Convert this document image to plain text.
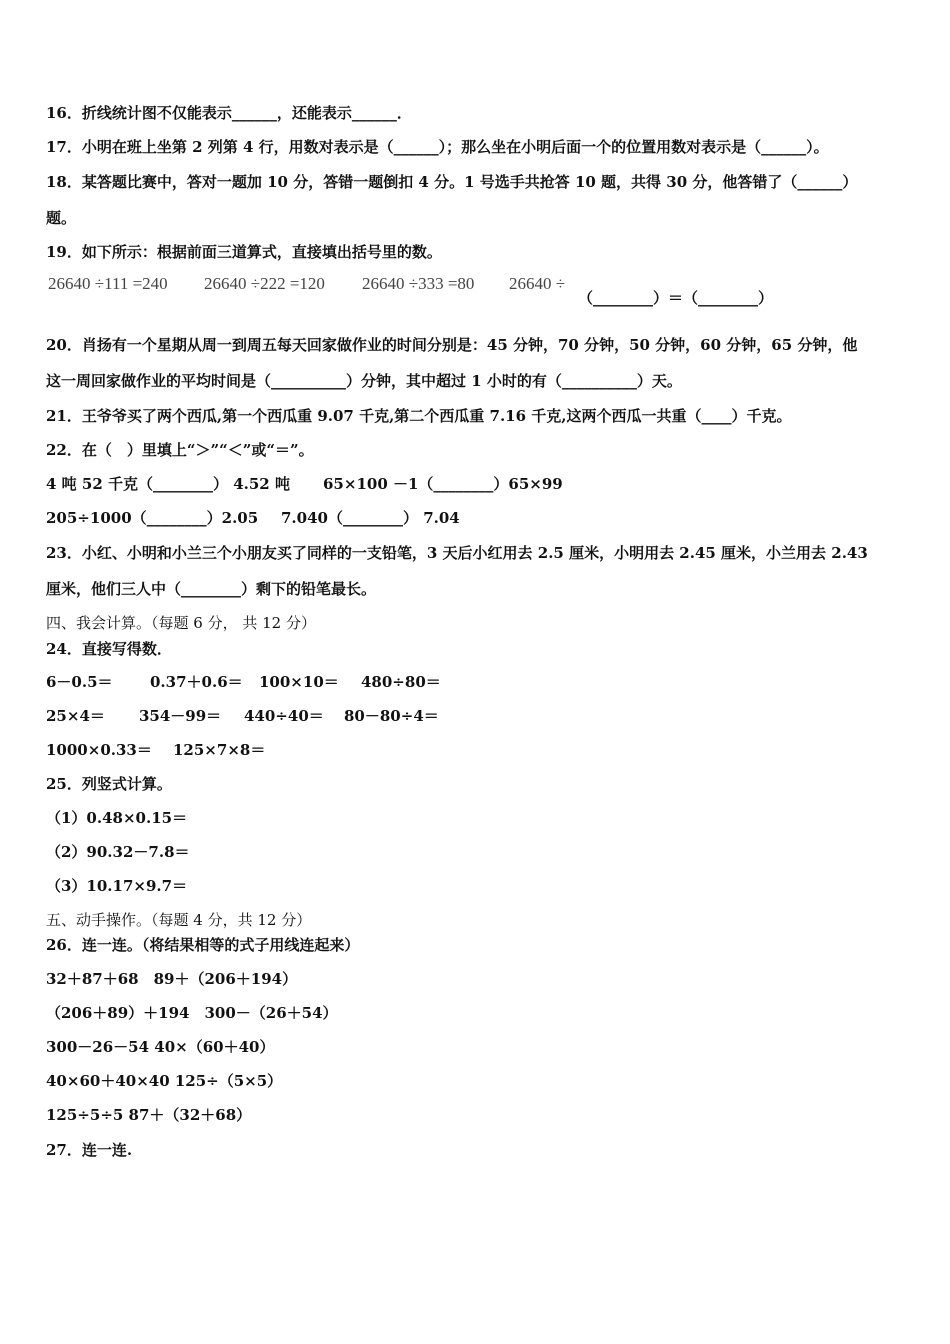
16．折线统计图不仅能表示______，还能表示______．
17．小明在班上坐第 2 列第 4 行，用数对表示是（______）；那么坐在小明后面一个的位置用数对表示是（______）。
18．某答题比赛中，答对一题加 10 分，答错一题倒扣 4 分。1 号选手共抢答 10 题，共得 30 分，他答错了（______）
题。
19．如下所示：根据前面三道算式，直接填出括号里的数。
26640 ÷111 =240 26640 ÷222 =120 26640 ÷333 =80 26640 ÷
（________）＝（________）
20．肖扬有一个星期从周一到周五每天回家做作业的时间分别是：45 分钟，70 分钟，50 分钟，60 分钟，65 分钟，他
这一周回家做作业的平均时间是（__________）分钟，其中超过 1 小时的有（__________）天。
21．王爷爷买了两个西瓜,第一个西瓜重 9.07 千克,第二个西瓜重 7.16 千克,这两个西瓜一共重（____）千克。
22．在（　）里填上“＞”“＜”或“＝”。
4 吨 52 千克（________） 4.52 吨 65×100 －1（________）65×99
205÷1000（________）2.05 7.040（________） 7.04
23．小红、小明和小兰三个小朋友买了同样的一支铅笔，3 天后小红用去 2.5 厘米，小明用去 2.45 厘米，小兰用去 2.43
厘米，他们三人中（________）剩下的铅笔最长。
四、我会计算。（每题 6 分， 共 12 分）
24．直接写得数．
6－0.5＝ 0.37＋0.6＝ 100×10＝ 480÷80＝
25×4＝ 354－99＝ 440÷40＝ 80－80÷4＝
1000×0.33＝ 125×7×8＝
25．列竖式计算。
（1）0.48×0.15＝
（2）90.32－7.8＝
（3）10.17×9.7＝
五、动手操作。（每题 4 分，共 12 分）
26．连一连。（将结果相等的式子用线连起来）
32＋87＋68　89＋（206＋194）
（206＋89）＋194　300－（26＋54）
300－26－54 40×（60＋40）
40×60＋40×40 125÷（5×5）
125÷5÷5 87＋（32＋68）
27．连一连.
